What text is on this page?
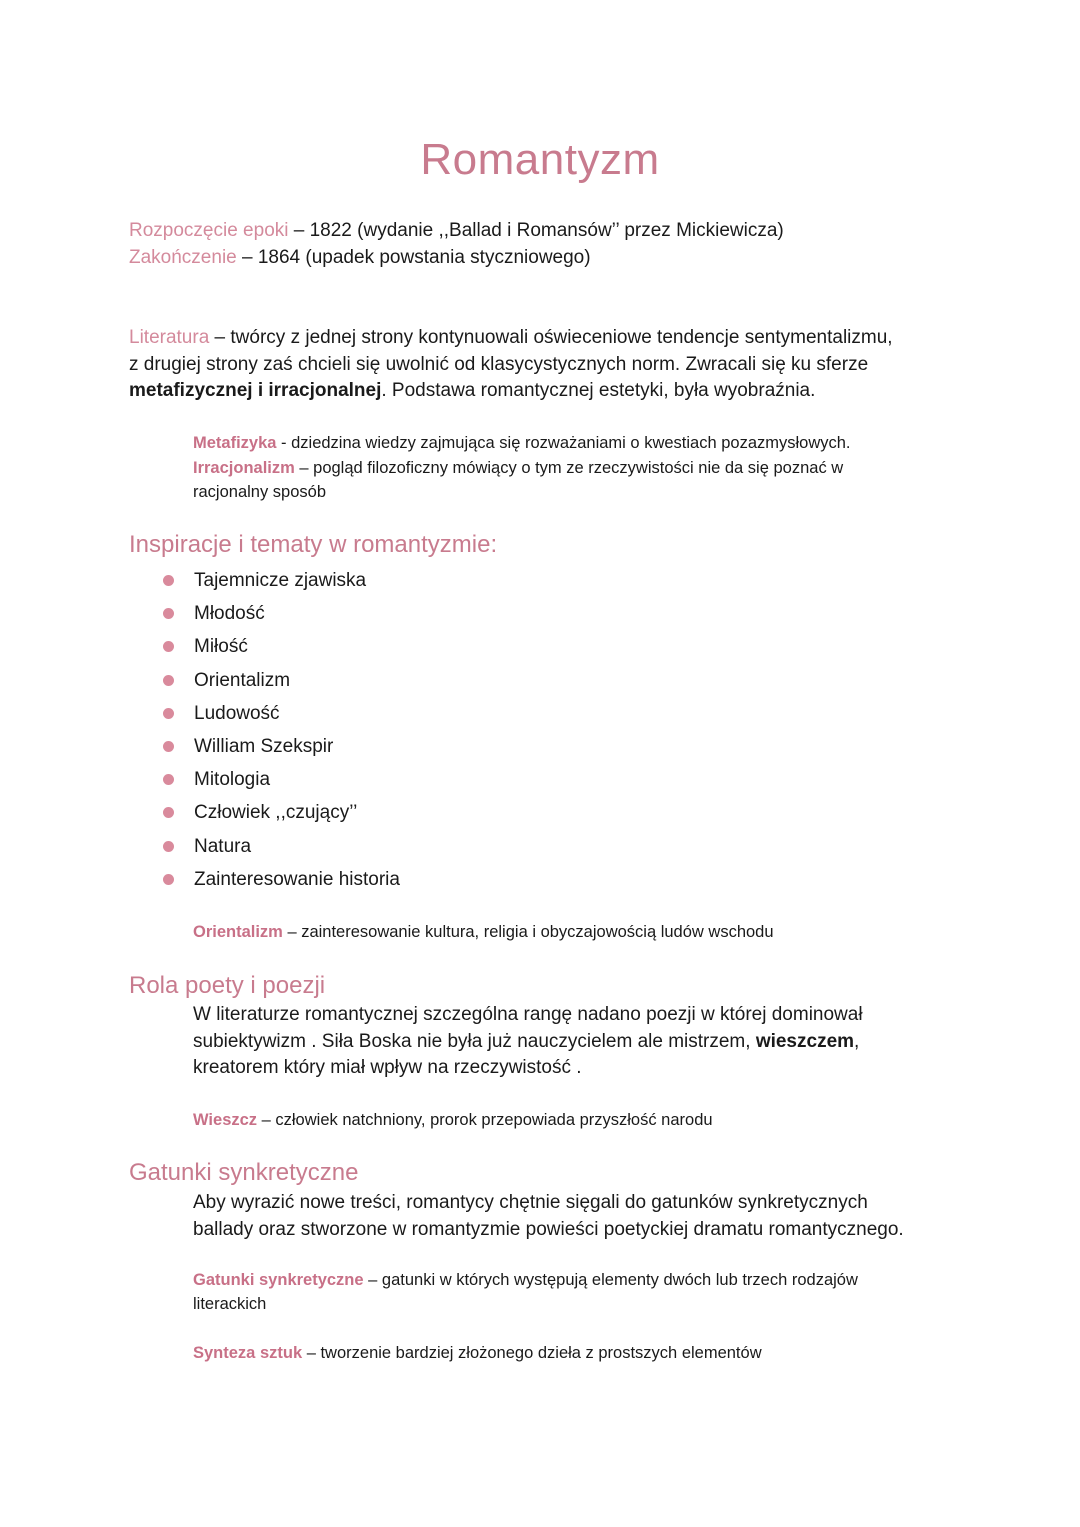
Romantyzm
Rozpoczęcie epoki – 1822 (wydanie ,,Ballad i Romansów’’ przez Mickiewicza)
Zakończenie – 1864 (upadek powstania styczniowego)
Literatura – twórcy z jednej strony kontynuowali oświeceniowe tendencje sentymentalizmu,
z drugiej strony zaś chcieli się uwolnić od klasycystycznych norm. Zwracali się ku sferze
metafizycznej i irracjonalnej. Podstawa romantycznej estetyki, była wyobraźnia.
Metafizyka - dziedzina wiedzy zajmująca się rozważaniami o kwestiach pozazmysłowych.
Irracjonalizm – pogląd filozoficzny mówiący o tym ze rzeczywistości nie da się poznać w
racjonalny sposób
Inspiracje i tematy w romantyzmie:
Tajemnicze zjawiska
Młodość
Miłość
Orientalizm
Ludowość
William Szekspir
Mitologia
Człowiek ,,czujący’’
Natura
Zainteresowanie historia
Orientalizm – zainteresowanie kultura, religia i obyczajowością ludów wschodu
Rola poety i poezji
W literaturze romantycznej szczególna rangę nadano poezji w której dominował
subiektywizm . Siła Boska nie była już nauczycielem ale mistrzem, wieszczem,
kreatorem który miał wpływ na rzeczywistość .
Wieszcz – człowiek natchniony, prorok przepowiada przyszłość narodu
Gatunki synkretyczne
Aby wyrazić nowe treści, romantycy chętnie sięgali do gatunków synkretycznych
ballady oraz stworzone w romantyzmie powieści poetyckiej dramatu romantycznego.
Gatunki synkretyczne – gatunki w których występują elementy dwóch lub trzech rodzajów
literackich
Synteza sztuk – tworzenie bardziej złożonego dzieła z prostszych elementów
